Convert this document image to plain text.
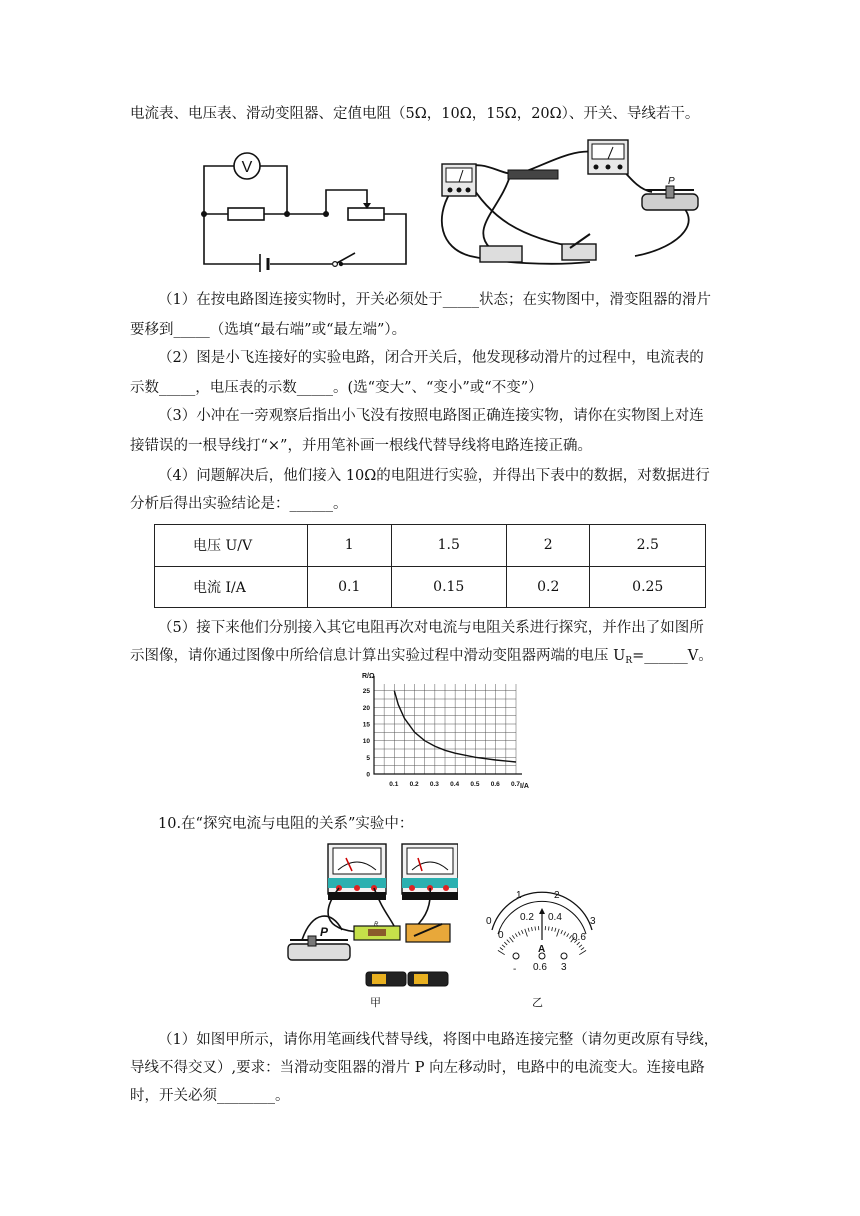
电流表、电压表、滑动变阻器、定值电阻（5Ω，10Ω，15Ω，20Ω）、开关、导线若干。
V
P
（1）在按电路图连接实物时，开关必须处于_____状态；在实物图中，滑变阻器的滑片
要移到_____（选填“最右端”或“最左端”）。
（2）图是小飞连接好的实验电路，闭合开关后，他发现移动滑片的过程中，电流表的
示数_____，电压表的示数_____。(选“变大”、“变小”或“不变”）
（3）小冲在一旁观察后指出小飞没有按照电路图正确连接实物，请你在实物图上对连
接错误的一根导线打“×”，并用笔补画一根线代替导线将电路连接正确。
（4）问题解决后，他们接入 10Ω的电阻进行实验，并得出下表中的数据，对数据进行
分析后得出实验结论是：______。
电压 U/V	1	1.5	2	2.5
电流 I/A	0.1	0.15	0.2	0.25
（5）接下来他们分别接入其它电阻再次对电流与电阻关系进行探究，并作出了如图所
示图像，请你通过图像中所给信息计算出实验过程中滑动变阻器两端的电压 $U_R=\_\_\_\_\_\_V$。
0.1 0.2 0.3 0.4 0.5 0.6 0.7
0
5
10
15
20
25
R/Ω
I/A
10.在“探究电流与电阻的关系”实验中：
R
P
甲
0
1	2
3
0
0.2 0.4
0.6
A
- 0.6 3
乙
（1）如图甲所示，请你用笔画线代替导线，将图中电路连接完整（请勿更改原有导线，
导线不得交叉）,要求：当滑动变阻器的滑片 P 向左移动时，电路中的电流变大。连接电路
时，开关必须________。
